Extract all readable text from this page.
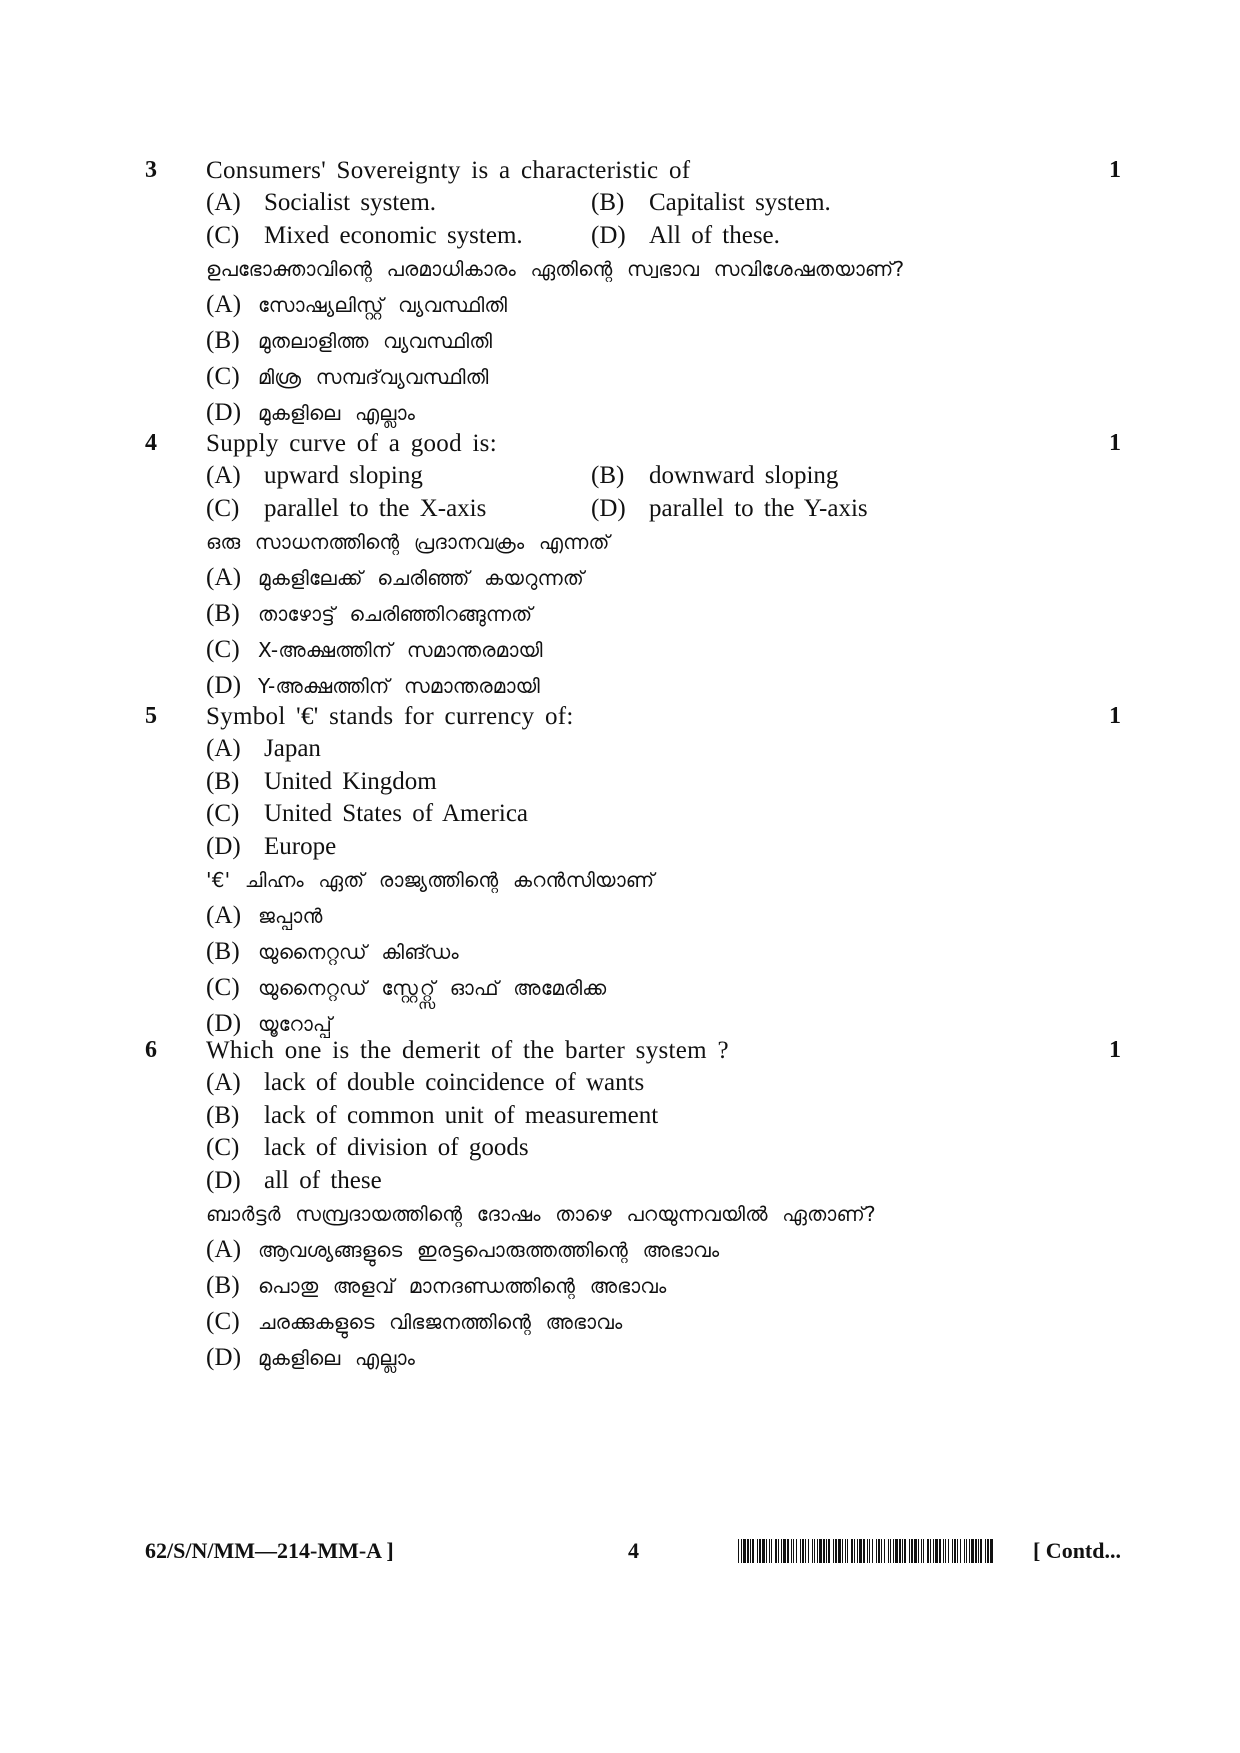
3 Consumers' Sovereignty is a characteristic of	1
(A) Socialist system.	(B) Capitalist system.
(C) Mixed economic system.	(D) All of these.
ഉപഭോക്താവിന്റെ പരമാധികാരം ഏതിന്റെ സ്വഭാവ സവിശേഷതയാണ്?
(A) സോഷ്യലിസ്റ്റ് വ്യവസ്ഥിതി
(B) മുതലാളിത്ത വ്യവസ്ഥിതി
(C) മിശ്ര സമ്പദ്‌വ്യവസ്ഥിതി
(D) മുകളിലെ എല്ലാം
4 Supply curve of a good is:	1
(A) upward sloping	(B) downward sloping
(C) parallel to the X-axis	(D) parallel to the Y-axis
ഒരു സാധനത്തിന്റെ പ്രദാനവക്രം എന്നത്
(A) മുകളിലേക്ക് ചെരിഞ്ഞ് കയറുന്നത്
(B) താഴോട്ട് ചെരിഞ്ഞിറങ്ങുന്നത്
(C) X-അക്ഷത്തിന് സമാന്തരമായി
(D) Y-അക്ഷത്തിന് സമാന്തരമായി
5 Symbol '€' stands for currency of:	1
(A) Japan
(B) United Kingdom
(C) United States of America
(D) Europe
'€' ചിഹ്നം ഏത് രാജ്യത്തിന്റെ കറൻസിയാണ്
(A) ജപ്പാൻ
(B) യുനൈറ്റഡ് കിങ്ഡം
(C) യുനൈറ്റഡ് സ്റ്റേറ്റ്സ് ഓഫ് അമേരിക്ക
(D) യൂറോപ്പ്
6 Which one is the demerit of the barter system ?	1
(A) lack of double coincidence of wants
(B) lack of common unit of measurement
(C) lack of division of goods
(D) all of these
ബാർട്ടർ സമ്പ്രദായത്തിന്റെ ദോഷം താഴെ പറയുന്നവയിൽ ഏതാണ്?
(A) ആവശ്യങ്ങളുടെ ഇരട്ടപൊരുത്തത്തിന്റെ അഭാവം
(B) പൊതു അളവ് മാനദണ്ഡത്തിന്റെ അഭാവം
(C) ചരക്കുകളുടെ വിഭജനത്തിന്റെ അഭാവം
(D) മുകളിലെ എല്ലാം
62/S/N/MM—214-MM-A ]	4	[ Contd...
